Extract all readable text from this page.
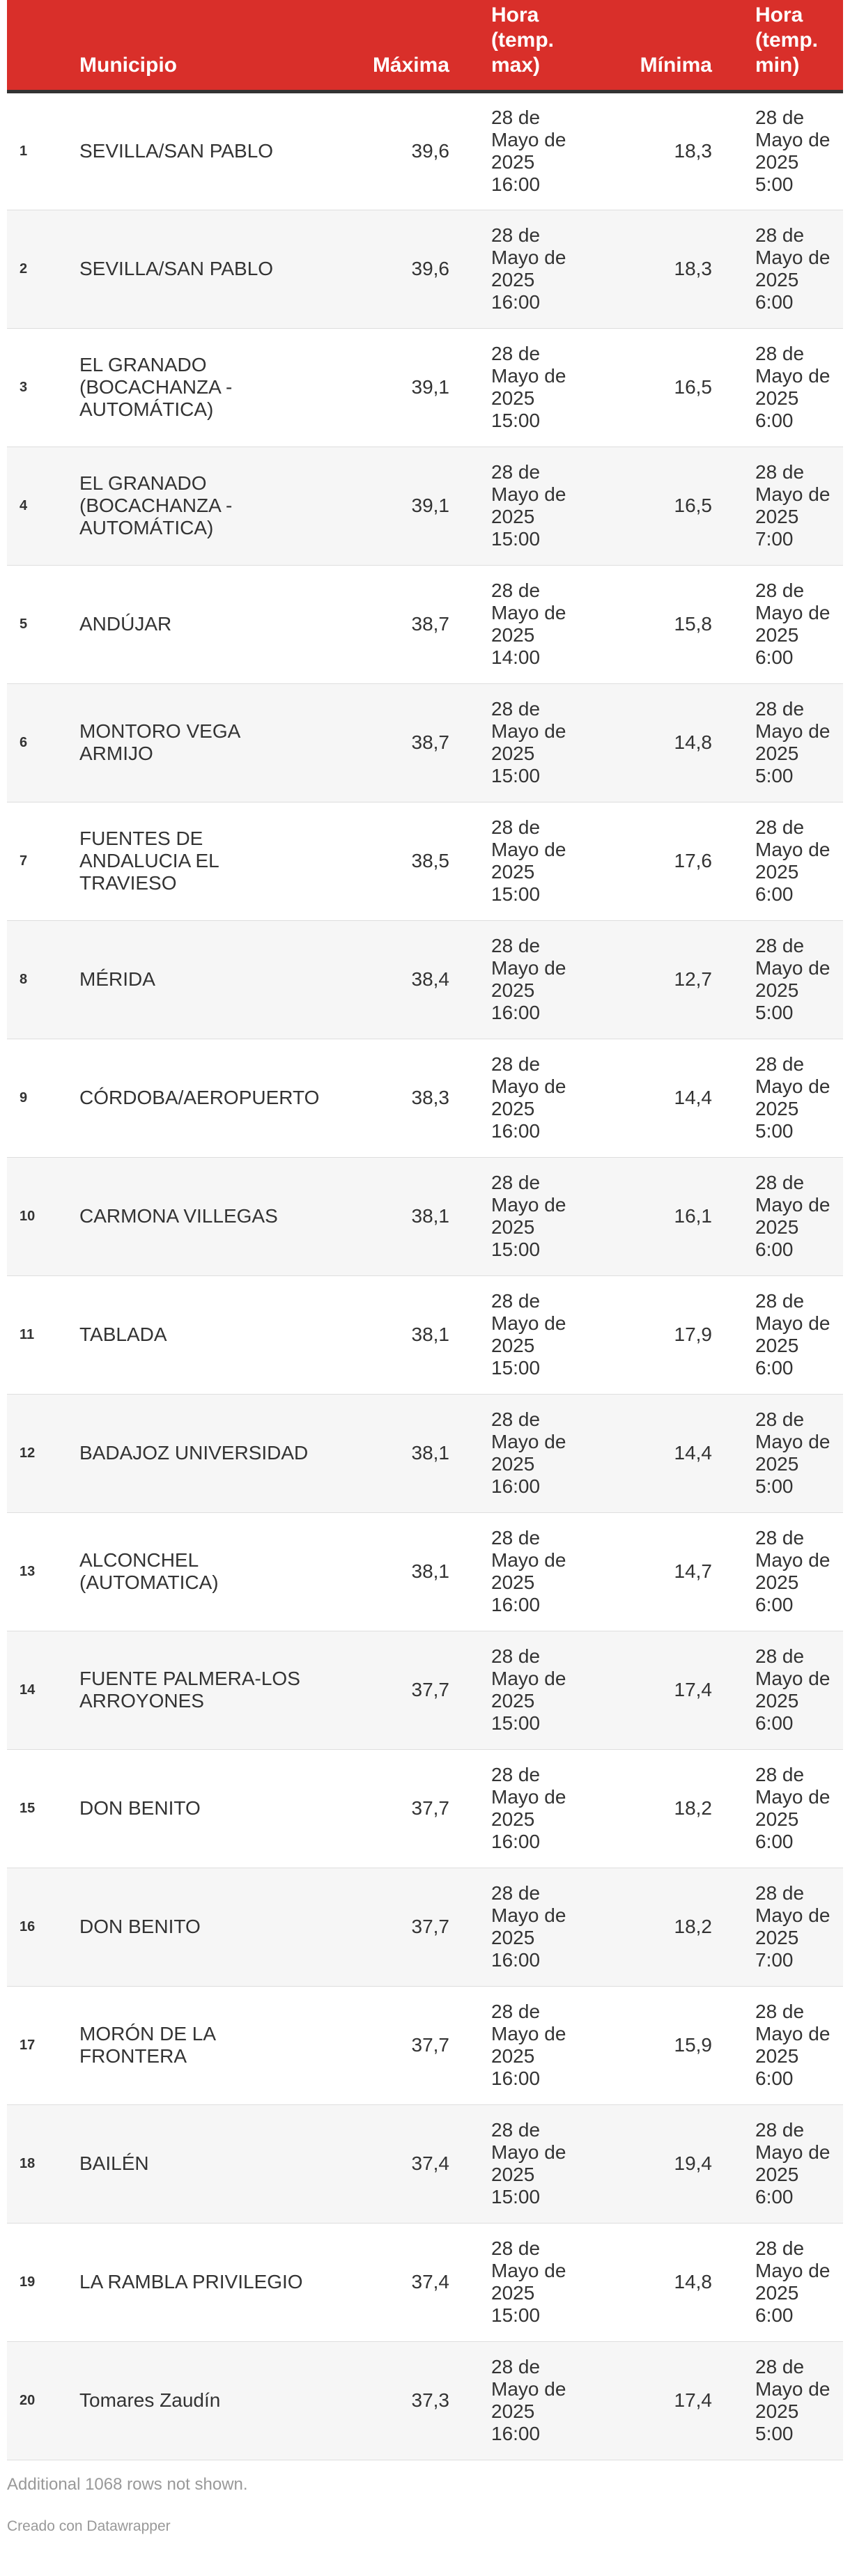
	Municipio	Máxima		Hora (temp. max)	Mínima		Hora (temp. min)

1	SEVILLA/SAN PABLO	39,6		28 de Mayo de 2025 16:00	18,3		28 de Mayo de 2025 5:00

2	SEVILLA/SAN PABLO	39,6		28 de Mayo de 2025 16:00	18,3		28 de Mayo de 2025 6:00

3	EL GRANADO (BOCACHANZA - AUTOMÁTICA)	39,1		28 de Mayo de 2025 15:00	16,5		28 de Mayo de 2025 6:00

4	EL GRANADO (BOCACHANZA - AUTOMÁTICA)	39,1		28 de Mayo de 2025 15:00	16,5		28 de Mayo de 2025 7:00

5	ANDÚJAR	38,7		28 de Mayo de 2025 14:00	15,8		28 de Mayo de 2025 6:00

6	MONTORO VEGA ARMIJO	38,7		28 de Mayo de 2025 15:00	14,8		28 de Mayo de 2025 5:00

7	FUENTES DE ANDALUCIA EL TRAVIESO	38,5		28 de Mayo de 2025 15:00	17,6		28 de Mayo de 2025 6:00

8	MÉRIDA	38,4		28 de Mayo de 2025 16:00	12,7		28 de Mayo de 2025 5:00

9	CÓRDOBA/AEROPUERTO	38,3		28 de Mayo de 2025 16:00	14,4		28 de Mayo de 2025 5:00

10	CARMONA VILLEGAS	38,1		28 de Mayo de 2025 15:00	16,1		28 de Mayo de 2025 6:00

11	TABLADA	38,1		28 de Mayo de 2025 15:00	17,9		28 de Mayo de 2025 6:00

12	BADAJOZ UNIVERSIDAD	38,1		28 de Mayo de 2025 16:00	14,4		28 de Mayo de 2025 5:00

13	ALCONCHEL (AUTOMATICA)	38,1		28 de Mayo de 2025 16:00	14,7		28 de Mayo de 2025 6:00

14	FUENTE PALMERA-LOS ARROYONES	37,7		28 de Mayo de 2025 15:00	17,4		28 de Mayo de 2025 6:00

15	DON BENITO	37,7		28 de Mayo de 2025 16:00	18,2		28 de Mayo de 2025 6:00

16	DON BENITO	37,7		28 de Mayo de 2025 16:00	18,2		28 de Mayo de 2025 7:00

17	MORÓN DE LA FRONTERA	37,7		28 de Mayo de 2025 16:00	15,9		28 de Mayo de 2025 6:00

18	BAILÉN	37,4		28 de Mayo de 2025 15:00	19,4		28 de Mayo de 2025 6:00

19	LA RAMBLA PRIVILEGIO	37,4		28 de Mayo de 2025 15:00	14,8		28 de Mayo de 2025 6:00

20	Tomares Zaudín	37,3		28 de Mayo de 2025 16:00	17,4		28 de Mayo de 2025 5:00
Additional 1068 rows not shown.
Creado con Datawrapper
